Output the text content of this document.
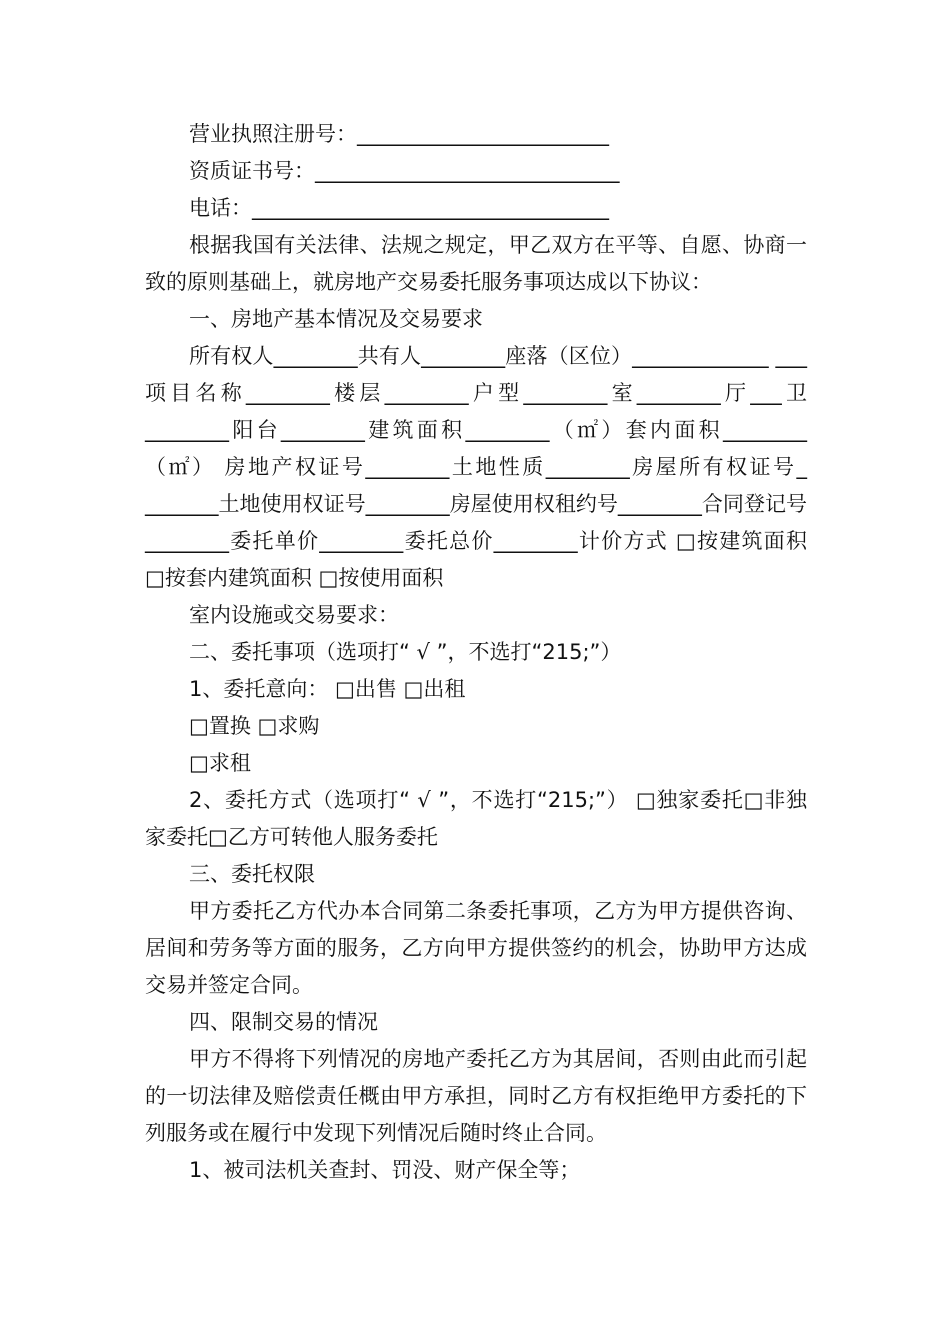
营业执照注册号：________________________

资质证书号：_____________________________

电话：__________________________________

根据我国有关法律、法规之规定，甲乙双方在平等、自愿、协商一致的原则基础上，就房地产交易委托服务事项达成以下协议：

一、房地产基本情况及交易要求

所有权人________共有人________座落（区位）_____________ ___ 项目名称________楼层________户型________室________厅___卫________阳台________建筑面积________（㎡）套内面积________（㎡） 房地产权证号________土地性质________房屋所有权证号_ _______土地使用权证号________房屋使用权租约号________合同登记号________委托单价________委托总价________计价方式 □按建筑面积 □按套内建筑面积 □按使用面积

室内设施或交易要求：

二、委托事项（选项打“ √ ”，不选打“215;”）

1、委托意向： □出售 □出租

□置换 □求购

□求租

2、委托方式（选项打“ √ ”，不选打“215;”） □独家委托□非独家委托□乙方可转他人服务委托

三、委托权限

甲方委托乙方代办本合同第二条委托事项，乙方为甲方提供咨询、居间和劳务等方面的服务，乙方向甲方提供签约的机会，协助甲方达成交易并签定合同。

四、限制交易的情况

甲方不得将下列情况的房地产委托乙方为其居间，否则由此而引起的一切法律及赔偿责任概由甲方承担，同时乙方有权拒绝甲方委托的下列服务或在履行中发现下列情况后随时终止合同。

1、被司法机关查封、罚没、财产保全等；
